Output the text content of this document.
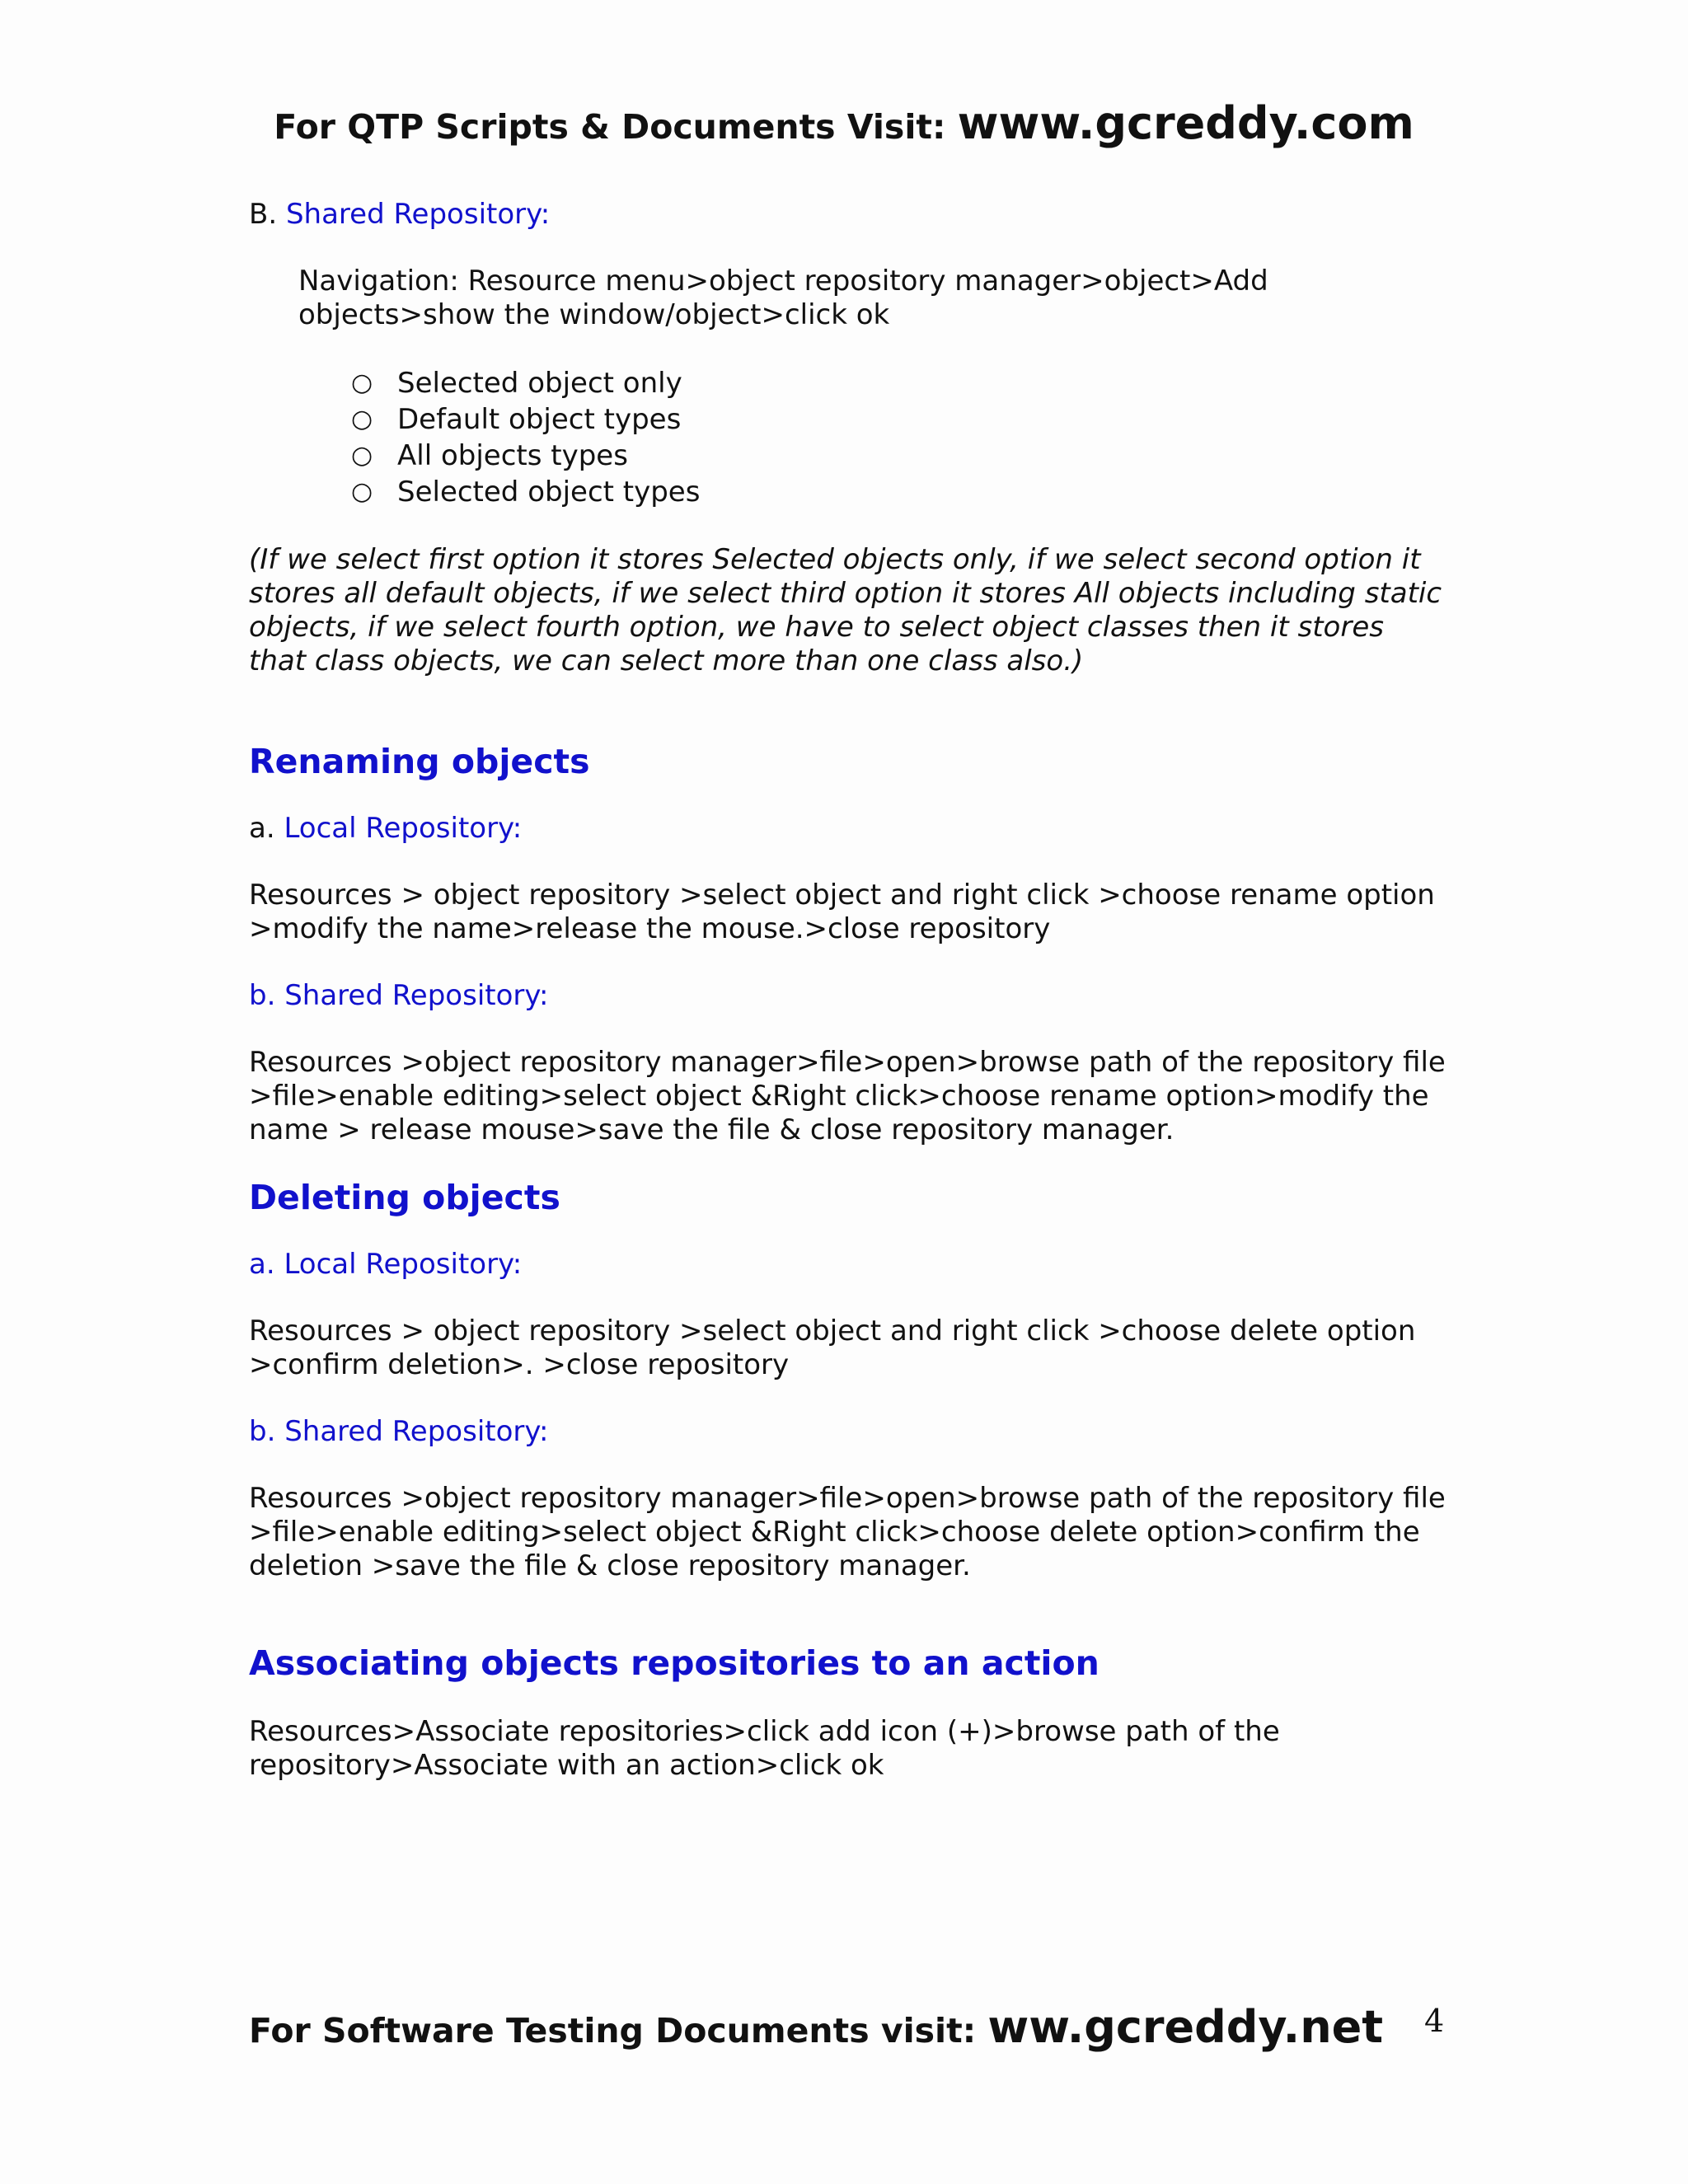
For QTP Scripts & Documents Visit: www.gcreddy.com
B. Shared Repository:
Navigation: Resource menu>object repository manager>object>Add
objects>show the window/object>click ok
○ Selected object only
○ Default object types
○ All objects types
○ Selected object types
(If we select first option it stores Selected objects only, if we select second option it
stores all default objects, if we select third option it stores All objects including static
objects, if we select fourth option, we have to select object classes then it stores
that class objects, we can select more than one class also.)
Renaming objects
a. Local Repository:
Resources > object repository >select object and right click >choose rename option
>modify the name>release the mouse.>close repository
b. Shared Repository:
Resources >object repository manager>file>open>browse path of the repository file
>file>enable editing>select object &Right click>choose rename option>modify the
name > release mouse>save the file & close repository manager.
Deleting objects
a. Local Repository:
Resources > object repository >select object and right click >choose delete option
>confirm deletion>. >close repository
b. Shared Repository:
Resources >object repository manager>file>open>browse path of the repository file
>file>enable editing>select object &Right click>choose delete option>confirm the
deletion >save the file & close repository manager.
Associating objects repositories to an action
Resources>Associate repositories>click add icon (+)>browse path of the
repository>Associate with an action>click ok
For Software Testing Documents visit: ww.gcreddy.net	4
